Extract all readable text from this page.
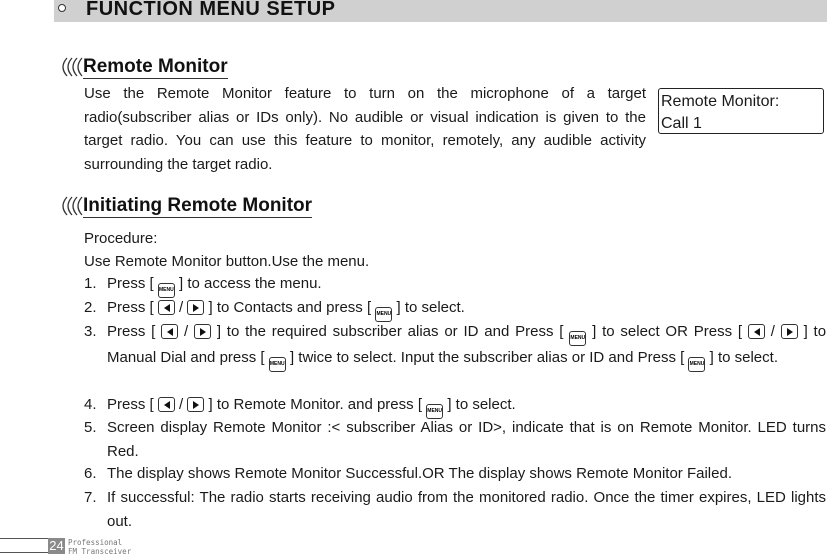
FUNCTION MENU SETUP
Remote Monitor
Use the Remote Monitor feature to turn on the microphone of a target radio(subscriber alias or IDs only). No audible or visual indication is given to the target radio. You can use this feature to monitor, remotely, any audible activity surrounding the target radio.
Remote Monitor:
Call 1
Initiating Remote Monitor
Procedure:
Use Remote Monitor button.Use the menu.
1. Press [ MENU ] to access the menu.
2. Press [ / ] to Contacts and press [ MENU ] to select.
3. Press [ / ] to the required subscriber alias or ID and Press [ MENU ] to select OR Press [ / ] to Manual Dial and press [ MENU ] twice to select. Input the subscriber alias or ID and Press [ MENU ] to select.
4. Press [ / ] to Remote Monitor. and press [ MENU ] to select.
5. Screen display Remote Monitor :< subscriber Alias or ID>, indicate that is on Remote Monitor. LED turns Red.
6. The display shows Remote Monitor Successful.OR The display shows Remote Monitor Failed.
7. If successful: The radio starts receiving audio from the monitored radio. Once the timer expires, LED lights out.
24 Professional
FM Transceiver
